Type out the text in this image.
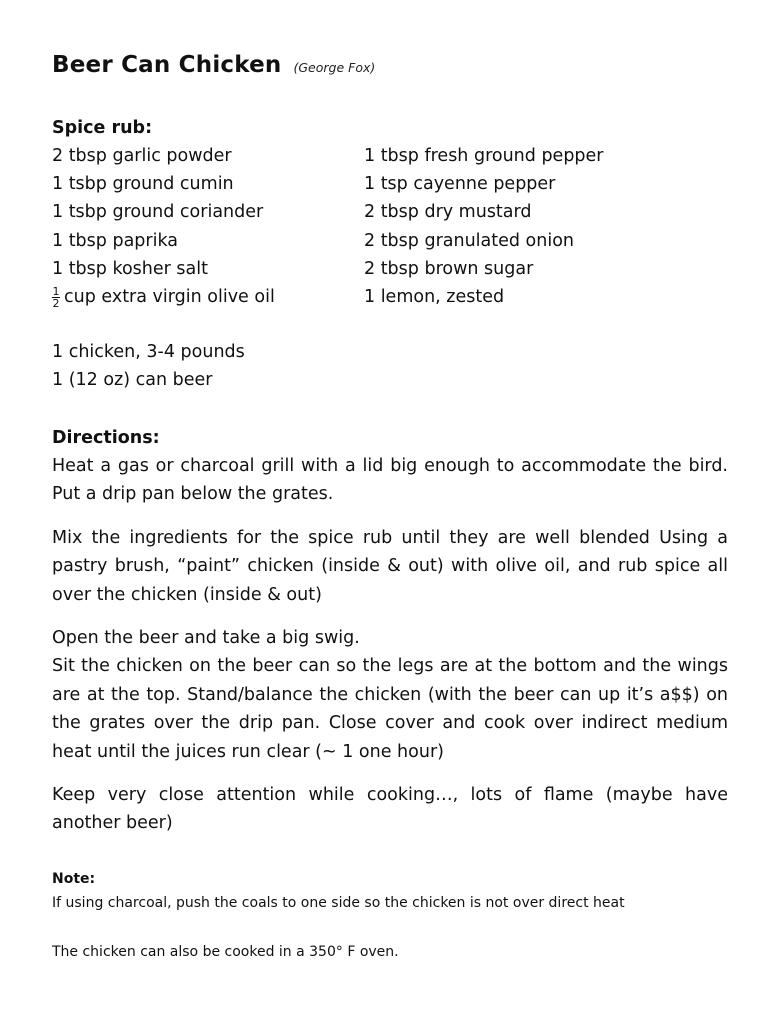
Beer Can Chicken (George Fox)
Spice rub:
2 tbsp garlic powder
1 tsbp ground cumin
1 tsbp ground coriander
1 tbsp paprika
1 tbsp kosher salt
$\frac{1}{2}$ cup extra virgin olive oil
1 tbsp fresh ground pepper
1 tsp cayenne pepper
2 tbsp dry mustard
2 tbsp granulated onion
2 tbsp brown sugar
1 lemon, zested
1 chicken, 3-4 pounds
1 (12 oz) can beer
Directions:

Heat a gas or charcoal grill with a lid big enough to accommodate the bird. Put a drip pan below the grates.

Mix the ingredients for the spice rub until they are well blended Using a pastry brush, “paint” chicken (inside & out) with olive oil, and rub spice all over the chicken (inside & out)

Open the beer and take a big swig.

Sit the chicken on the beer can so the legs are at the bottom and the wings are at the top. Stand/balance the chicken (with the beer can up it’s a$$) on the grates over the drip pan. Close cover and cook over indirect medium heat until the juices run clear (~ 1 one hour)

Keep very close attention while cooking…, lots of flame (maybe have another beer)

Note:
If using charcoal, push the coals to one side so the chicken is not over direct heat
The chicken can also be cooked in a 350° F oven.
